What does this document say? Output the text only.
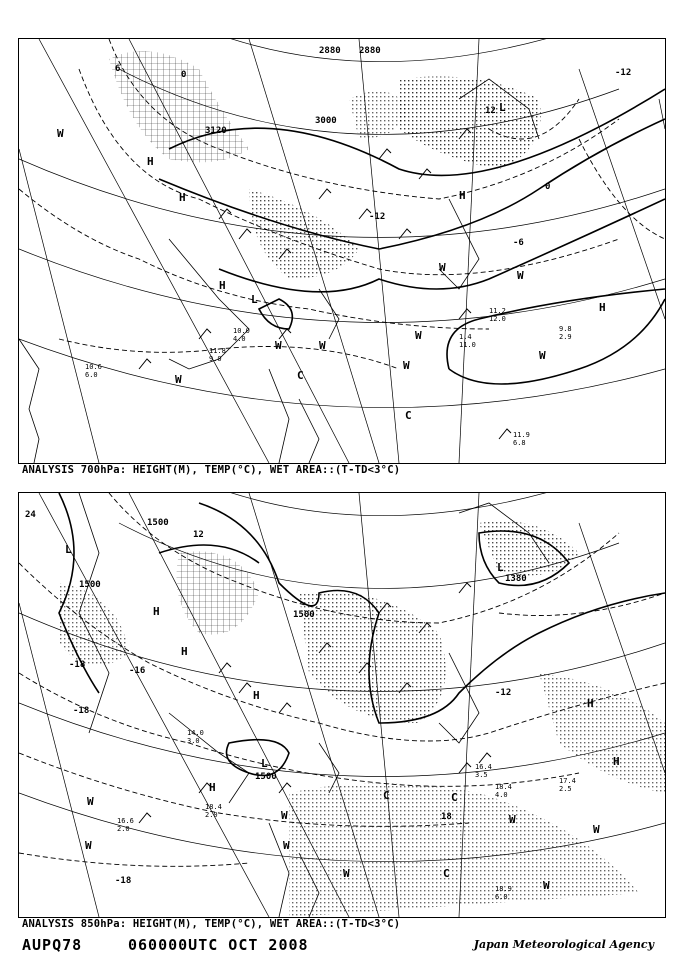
3000
3120
2880 2880
-6
0
-12
12
6
0
-12
H
H
H
H
H
L
L
C
C
W
W
W
W
W
W
W
W
W
11.2 12.0
1.4 11.0
9.8 2.9
11.9 6.8
11.8 9.0
10.0 4.0
10.6 6.0
ANALYSIS 700hPa: HEIGHT(M), TEMP(°C), WET AREA::(T-TD<3°C)
1500
1500
1380
1500
1500
24
-18
-16
-18
-12
-18
18
12
H
H
H
H
H
H
L
L
L
C
C
C
W
W
W
W
W
W
W
W
16.4 3.5
18.4 4.0
17.4 2.5
18.9 6.0
18.4 2.0
16.6 2.0
14.0 3.0
ANALYSIS 850hPa: HEIGHT(M), TEMP(°C), WET AREA::(T-TD<3°C)
AUPQ78	060000UTC OCT 2008	Japan Meteorological Agency
